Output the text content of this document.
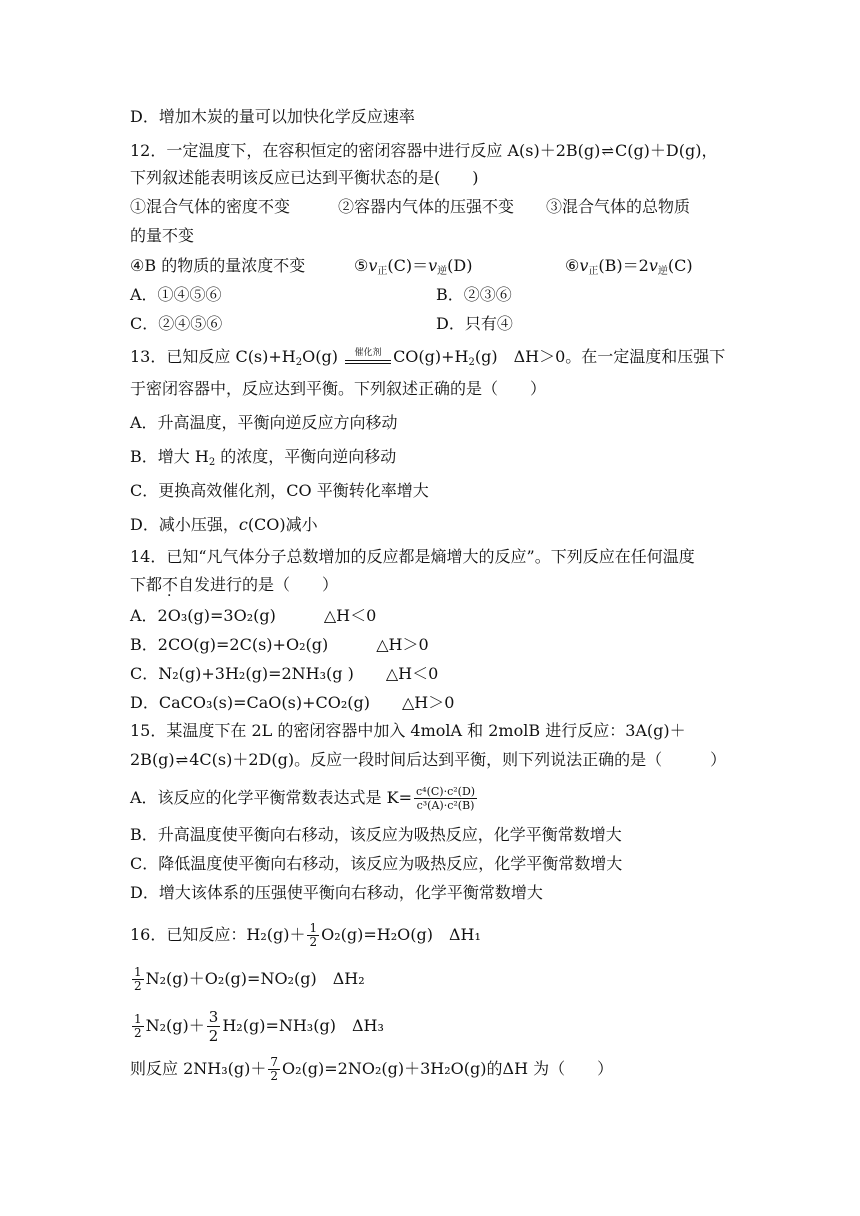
D．增加木炭的量可以加快化学反应速率
12．一定温度下，在容积恒定的密闭容器中进行反应 A(s)＋2B(g)⇌C(g)＋D(g)，
下列叙述能表明该反应已达到平衡状态的是(　　)
①混合气体的密度不变　　　②容器内气体的压强不变　　③混合气体的总物质
的量不变
④B 的物质的量浓度不变	$⑤v_正(C)=v_逆(D)$	$⑥v_正(B)=2v_逆(C)$
A．①④⑤⑥	B．②③⑥
C．②④⑤⑥	D．只有④
13．已知反应 $C(s)+H_2O(g)$	催化剂 $CO(g)+H_2(g)$　ΔH＞0。在一定温度和压强下
于密闭容器中，反应达到平衡。下列叙述正确的是（　　）
A．升高温度，平衡向逆反应方向移动
B．增大 $H_2$ 的浓度，平衡向逆向移动
C．更换高效催化剂，CO 平衡转化率增大
D．减小压强，c(CO)减小
14．已知“凡气体分子总数增加的反应都是熵增大的反应”。下列反应在任何温度
下都不自发进行的是（　　）
A．2O₃(g)=3O₂(g)　　　△H＜0
B．2CO(g)=2C(s)+O₂(g)　　　△H＞0
C．N₂(g)+3H₂(g)=2NH₃(g )　　△H＜0
D．CaCO₃(s)=CaO(s)+CO₂(g)　　△H＞0
15．某温度下在 2L 的密闭容器中加入 4molA 和 2molB 进行反应：3A(g)＋
2B(g)⇌4C(s)＋2D(g)。反应一段时间后达到平衡，则下列说法正确的是（　　　）
A．该反应的化学平衡常数表达式是 $K= \frac{\text{c⁴(C)·c²(D)}}{\text{c³(A)·c²(B)}}$
B．升高温度使平衡向右移动，该反应为吸热反应，化学平衡常数增大
C．降低温度使平衡向右移动，该反应为吸热反应，化学平衡常数增大
D．增大该体系的压强使平衡向右移动，化学平衡常数增大
16．已知反应：$H_2(g)+ \frac{1}{2} O_2(g)=H_2O(g)$　ΔH₁
$\frac{1}{2} N_2(g)+O_2(g)=NO_2(g)$　ΔH₂
$\frac{1}{2} N_2(g)+ \frac{3}{2} H_2(g)=NH_3(g)$　ΔH₃
则反应 $2NH_3(g)+ \frac{7}{2} O_2(g)=2NO_2(g)+3H_2O(g)$的ΔH 为（　　）
